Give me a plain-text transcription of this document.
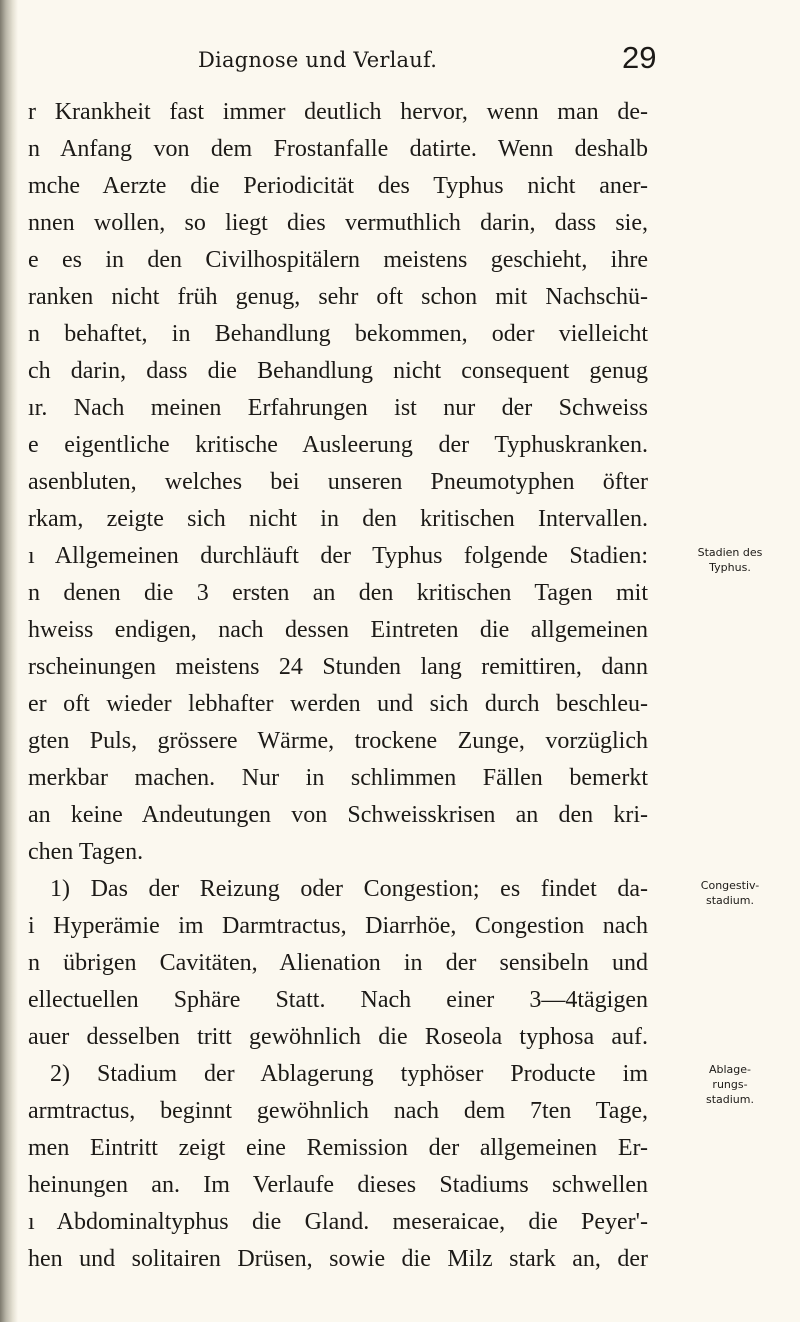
Diagnose und Verlauf.	29
r Krankheit fast immer deutlich hervor, wenn man de-
n Anfang von dem Frostanfalle datirte. Wenn deshalb
mche Aerzte die Periodicität des Typhus nicht aner-
nnen wollen, so liegt dies vermuthlich darin, dass sie,
e es in den Civilhospitälern meistens geschieht, ihre
ranken nicht früh genug, sehr oft schon mit Nachschü-
n behaftet, in Behandlung bekommen, oder vielleicht
ch darin, dass die Behandlung nicht consequent genug
ır. Nach meinen Erfahrungen ist nur der Schweiss
e eigentliche kritische Ausleerung der Typhuskranken.
asenbluten, welches bei unseren Pneumotyphen öfter
rkam, zeigte sich nicht in den kritischen Intervallen.
ı Allgemeinen durchläuft der Typhus folgende Stadien:
n denen die 3 ersten an den kritischen Tagen mit
hweiss endigen, nach dessen Eintreten die allgemeinen
rscheinungen meistens 24 Stunden lang remittiren, dann
er oft wieder lebhafter werden und sich durch beschleu-
gten Puls, grössere Wärme, trockene Zunge, vorzüglich
merkbar machen. Nur in schlimmen Fällen bemerkt
an keine Andeutungen von Schweisskrisen an den kri-
chen Tagen.
1) Das der Reizung oder Congestion; es findet da-
i Hyperämie im Darmtractus, Diarrhöe, Congestion nach
n übrigen Cavitäten, Alienation in der sensibeln und
ellectuellen Sphäre Statt. Nach einer 3—4tägigen
auer desselben tritt gewöhnlich die Roseola typhosa auf.
2) Stadium der Ablagerung typhöser Producte im
armtractus, beginnt gewöhnlich nach dem 7ten Tage,
men Eintritt zeigt eine Remission der allgemeinen Er-
heinungen an. Im Verlaufe dieses Stadiums schwellen
ı Abdominaltyphus die Gland. meseraicae, die Peyer'-
hen und solitairen Drüsen, sowie die Milz stark an, der
Stadien des
Typhus.
Congestiv-
stadium.
Ablage-
rungs-
stadium.
